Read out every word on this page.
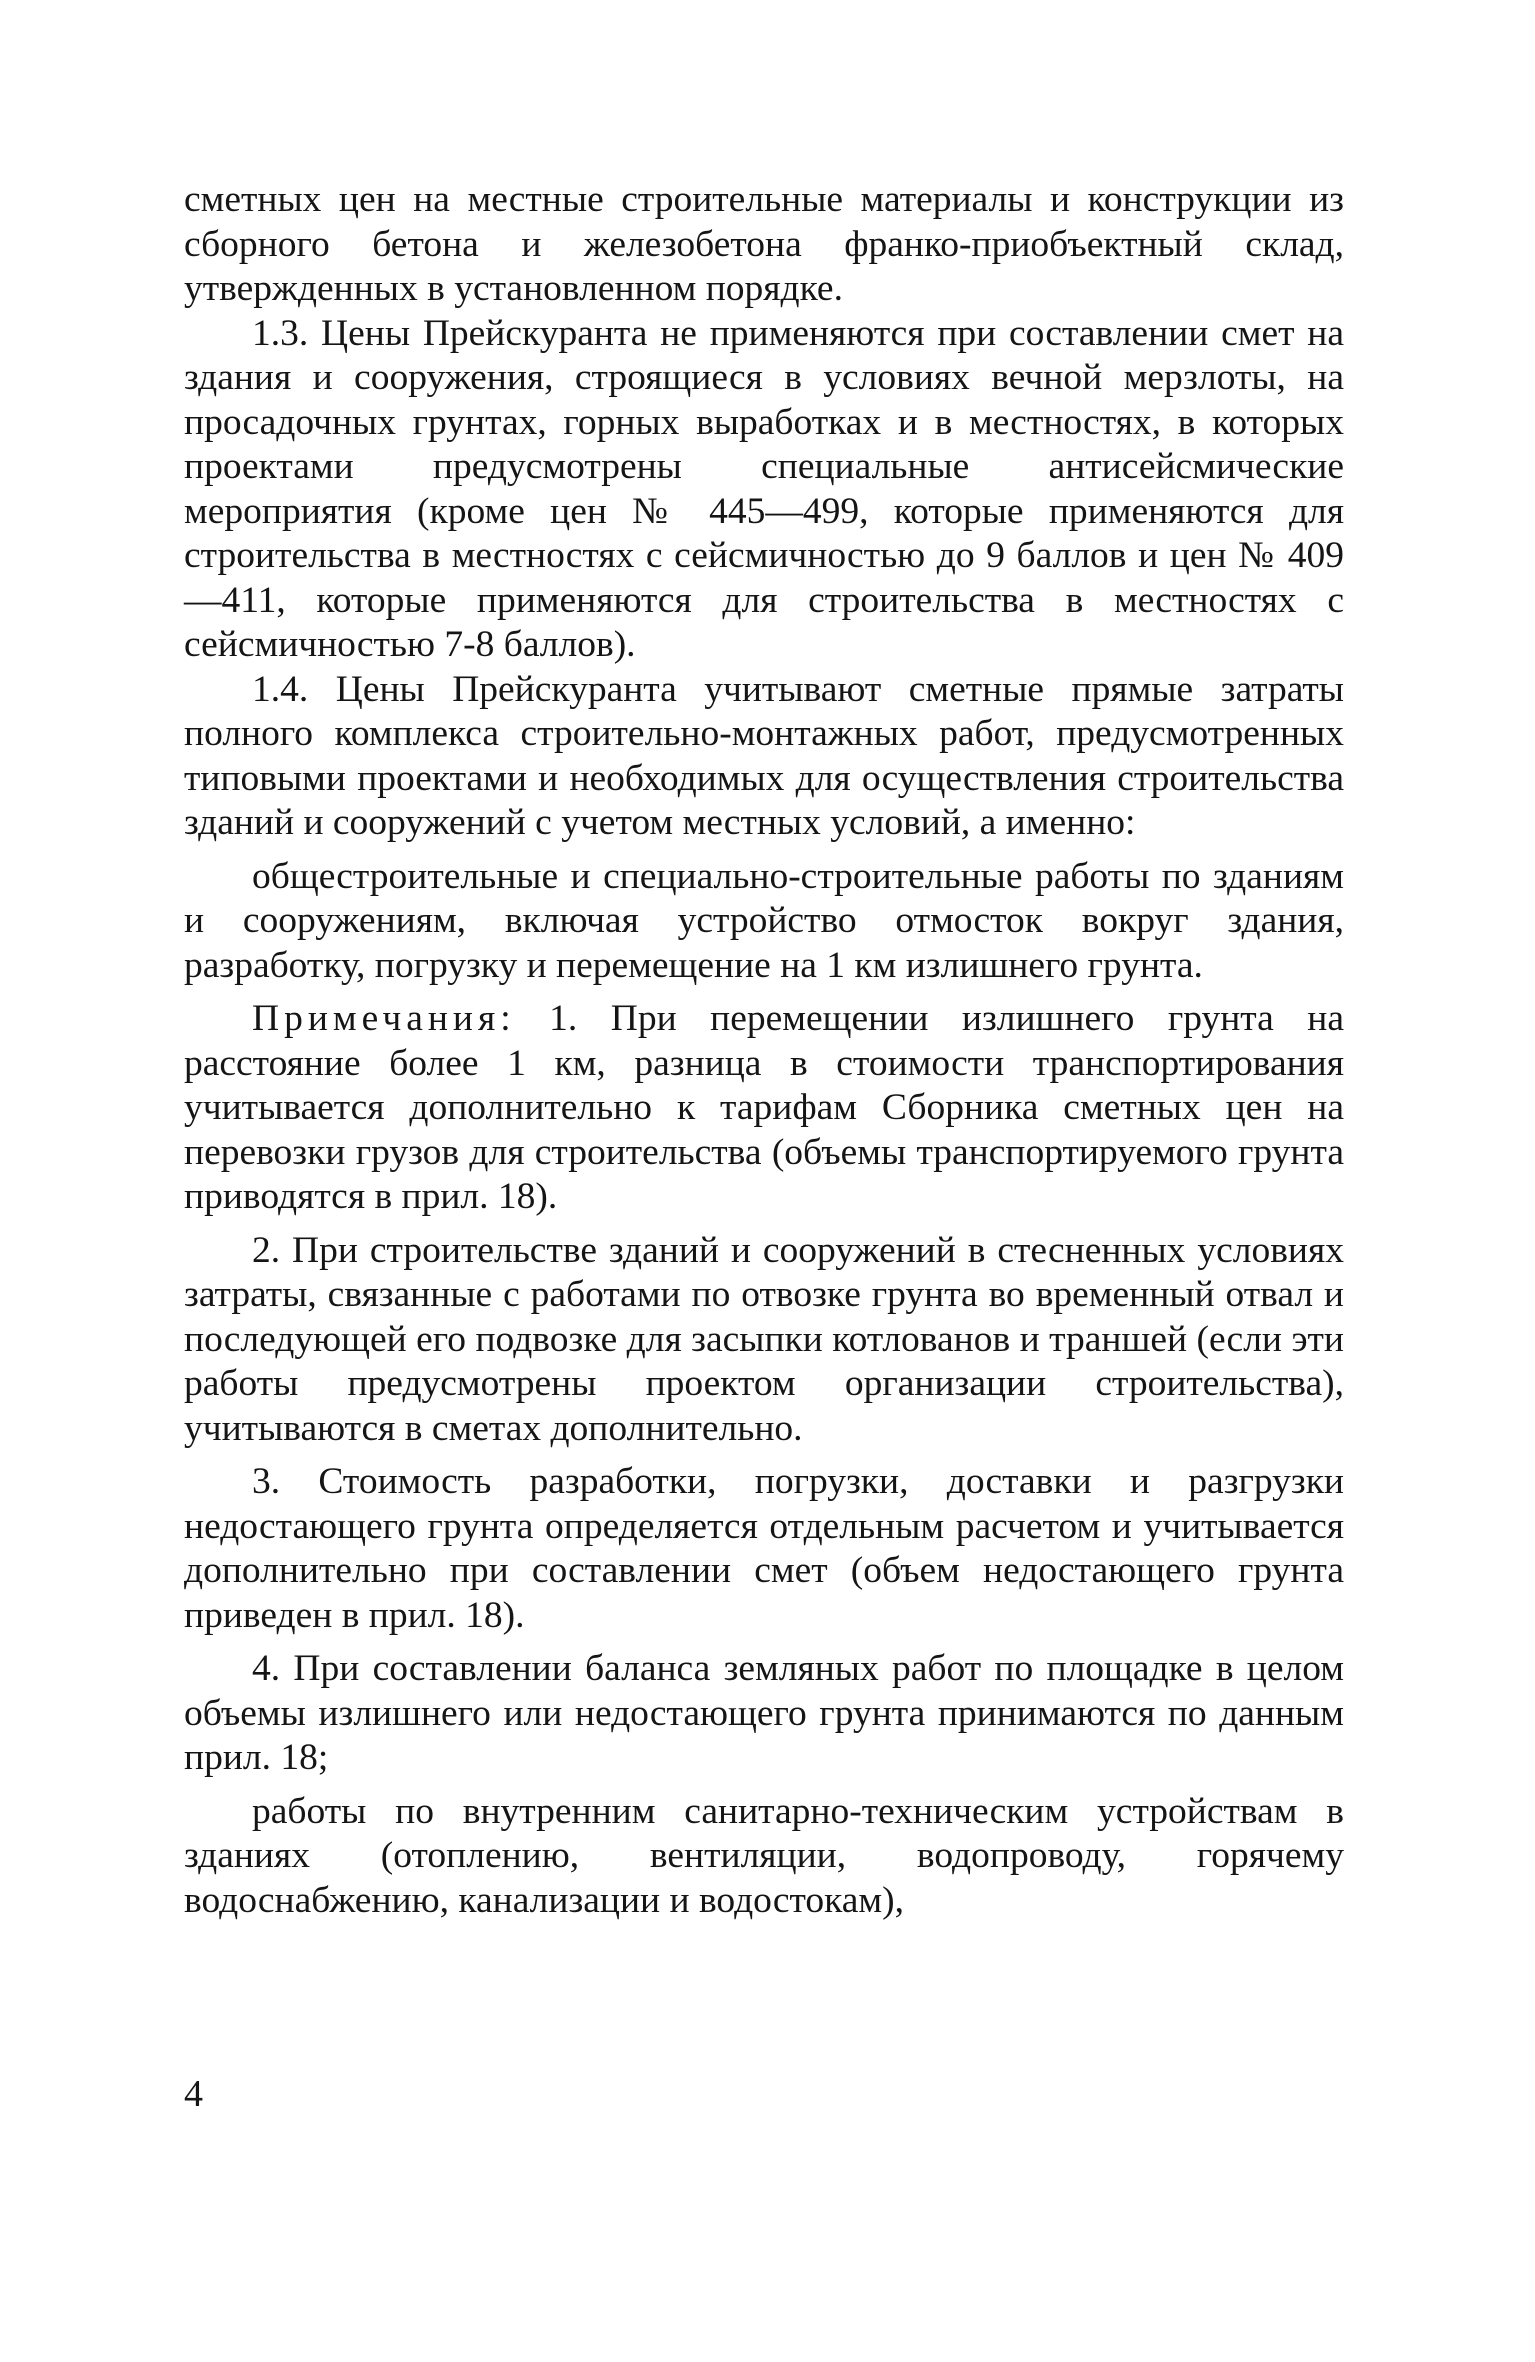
сметных цен на местные строительные материалы и конструкции из сборного бетона и железобетона франко-приобъектный склад, утвержденных в установленном порядке.

1.3. Цены Прейскуранта не применяются при составлении смет на здания и сооружения, строящиеся в условиях вечной мерзлоты, на просадочных грунтах, горных выработках и в местностях, в которых проектами предусмотрены специальные антисейсмические мероприятия (кроме цен № 445—499, которые применяются для строительства в местностях с сейсмичностью до 9 баллов и цен № 409—411, которые применяются для строительства в местностях с сейсмичностью 7-8 баллов).

1.4. Цены Прейскуранта учитывают сметные прямые затраты полного комплекса строительно-монтажных работ, предусмотренных типовыми проектами и необходимых для осуществления строительства зданий и сооружений с учетом местных условий, а именно:

общестроительные и специально-строительные работы по зданиям и сооружениям, включая устройство отмосток вокруг здания, разработку, погрузку и перемещение на 1 км излишнего грунта.

Примечания: 1. При перемещении излишнего грунта на расстояние более 1 км, разница в стоимости транспортирования учитывается дополнительно к тарифам Сборника сметных цен на перевозки грузов для строительства (объемы транспортируемого грунта приводятся в прил. 18).

2. При строительстве зданий и сооружений в стесненных условиях затраты, связанные с работами по отвозке грунта во временный отвал и последующей его подвозке для засыпки котлованов и траншей (если эти работы предусмотрены проектом организации строительства), учитываются в сметах дополнительно.

3. Стоимость разработки, погрузки, доставки и разгрузки недостающего грунта определяется отдельным расчетом и учитывается дополнительно при составлении смет (объем недостающего грунта приведен в прил. 18).

4. При составлении баланса земляных работ по площадке в целом объемы излишнего или недостающего грунта принимаются по данным прил. 18;

работы по внутренним санитарно-техническим устройствам в зданиях (отоплению, вентиляции, водопроводу, горячему водоснабжению, канализации и водостокам),

4
